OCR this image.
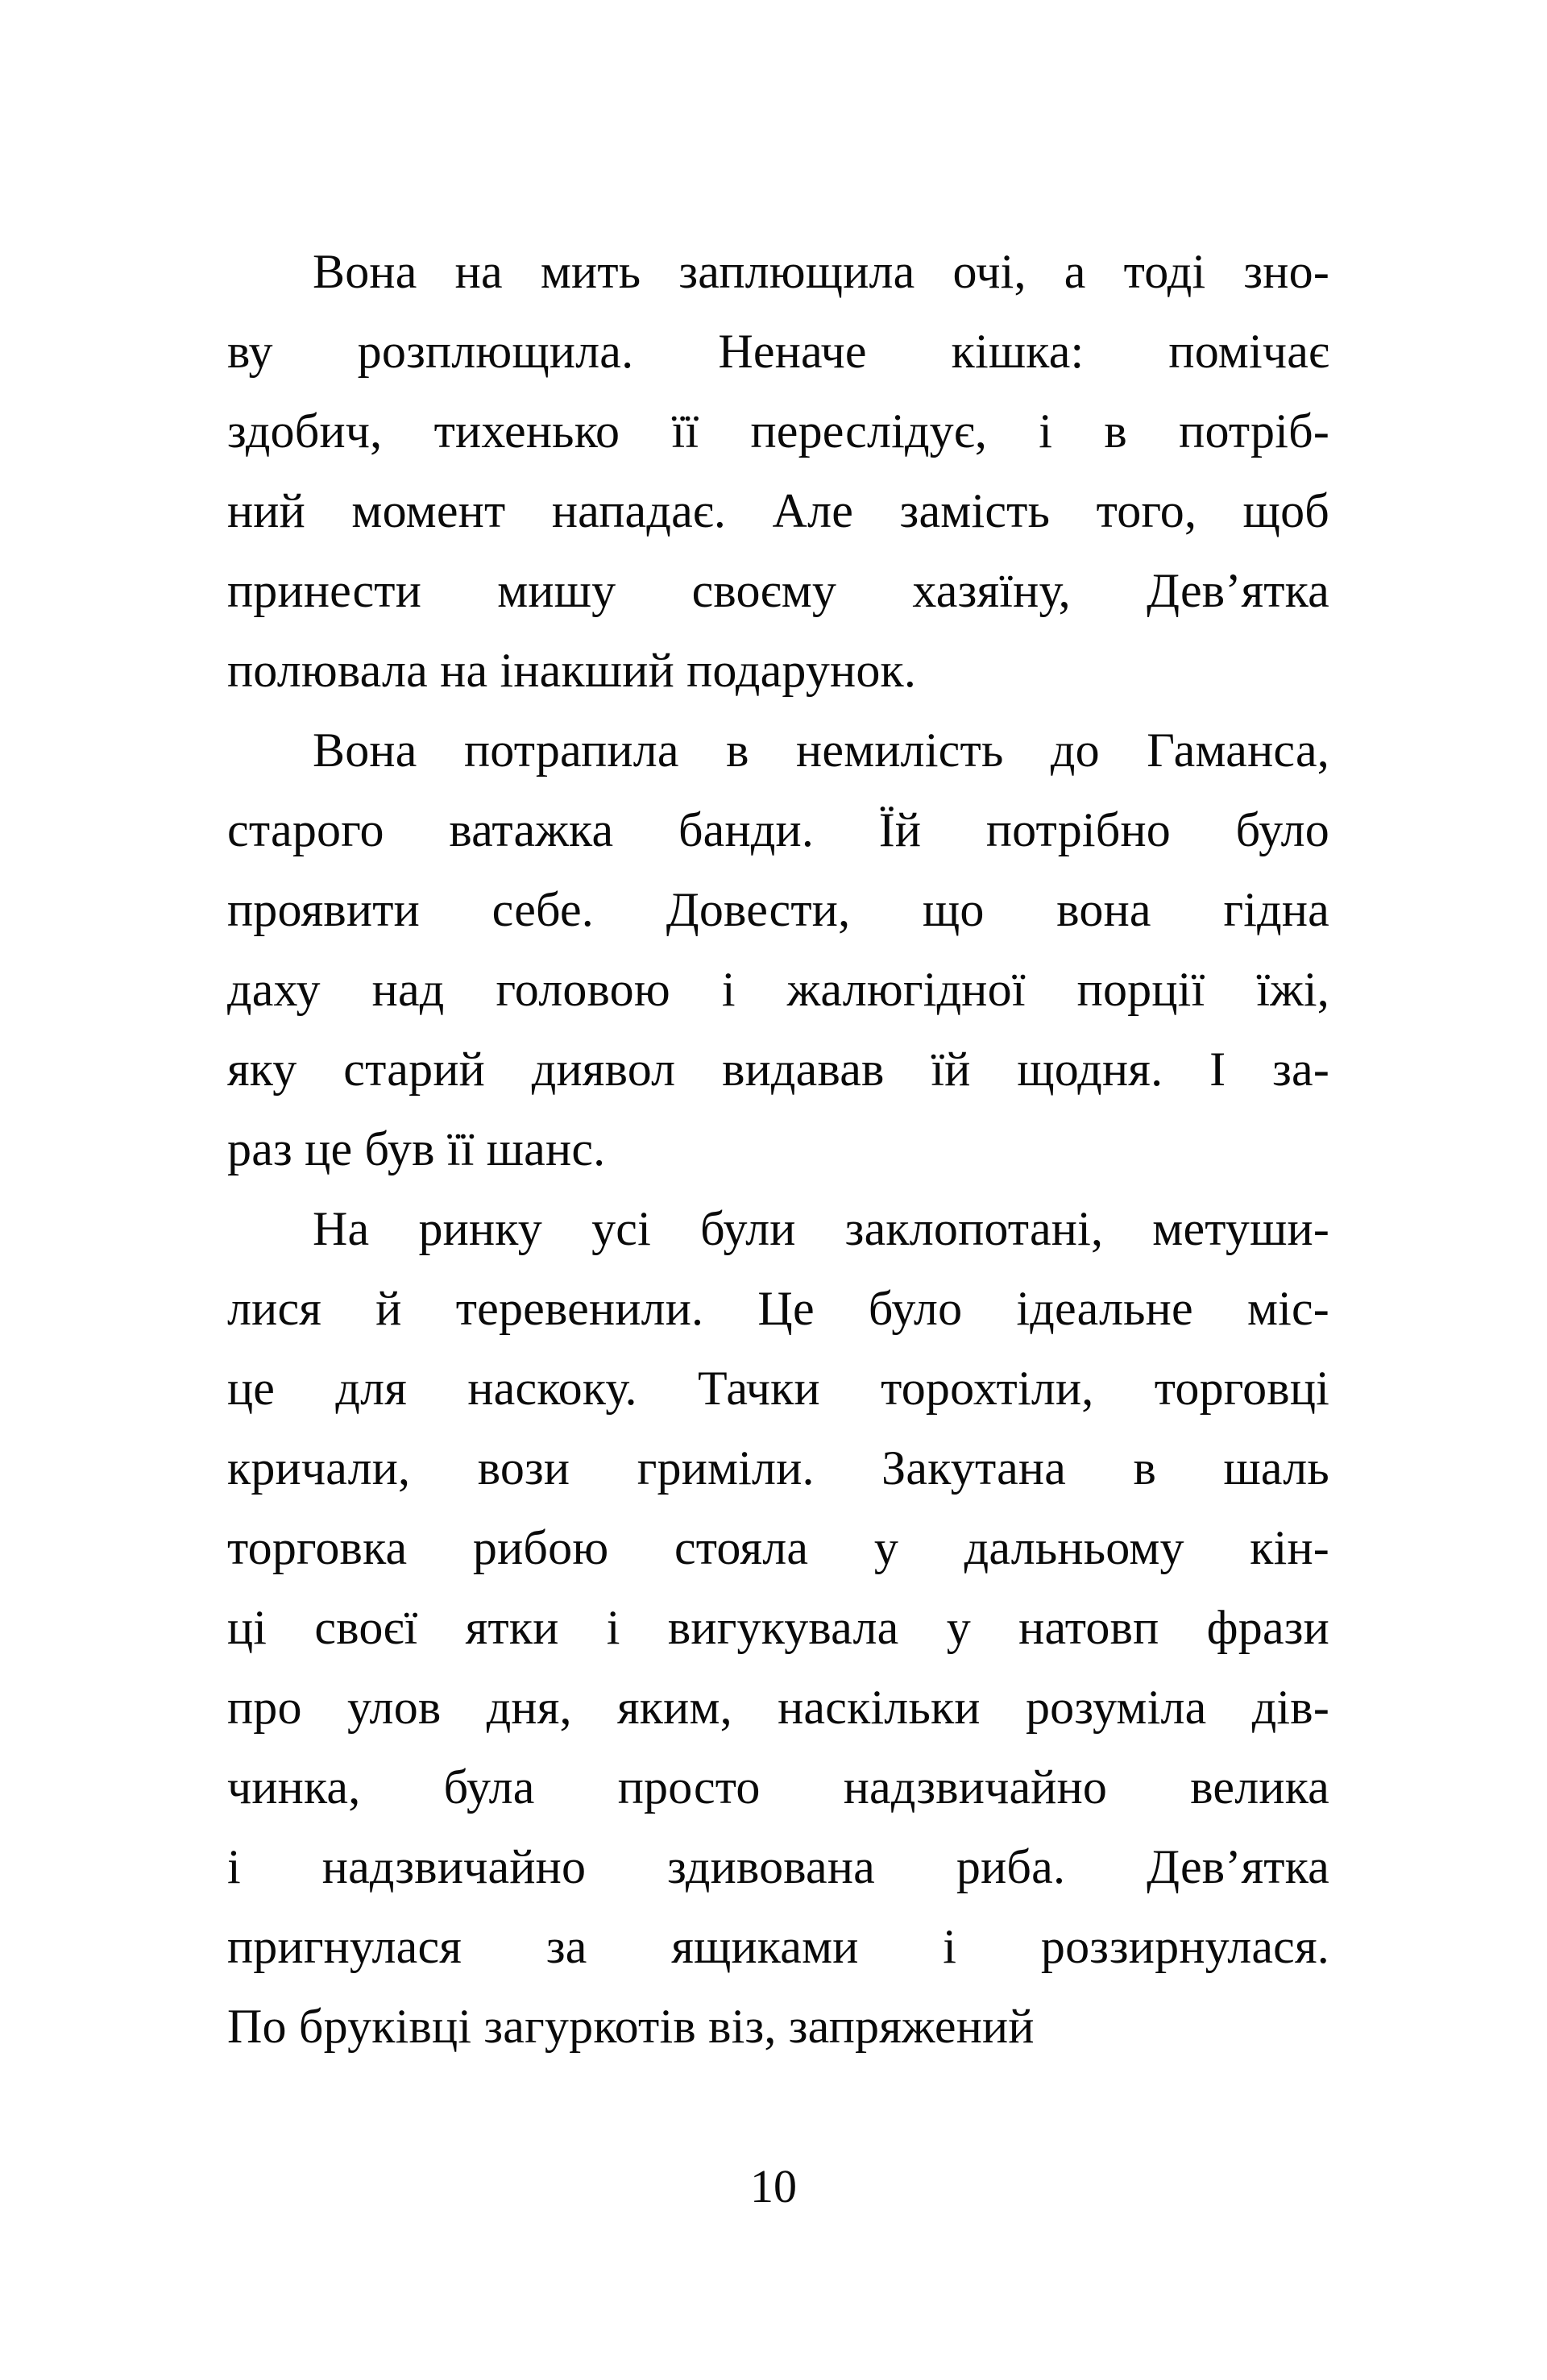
Вона на мить заплющила очі, а тоді зно-
ву розплющила. Неначе кішка: помічає
здобич, тихенько її переслідує, і в потріб-
ний момент нападає. Але замість того, щоб
принести мишу своєму хазяїну, Дев’ятка
полювала на інакший подарунок.
Вона потрапила в немилість до Гаманса,
старого ватажка банди. Їй потрібно було
проявити себе. Довести, що вона гідна
даху над головою і жалюгідної порції їжі,
яку старий диявол видавав їй щодня. І за-
раз це був її шанс.
На ринку усі були заклопотані, метуши-
лися й теревенили. Це було ідеальне міс-
це для наскоку. Тачки торохтіли, торговці
кричали, вози гриміли. Закутана в шаль
торговка рибою стояла у дальньому кін-
ці своєї ятки і вигукувала у натовп фрази
про улов дня, яким, наскільки розуміла дів-
чинка, була просто надзвичайно велика
і надзвичайно здивована риба. Дев’ятка
пригнулася за ящиками і роззирнулася.
По бруківці загуркотів віз, запряжений
10
